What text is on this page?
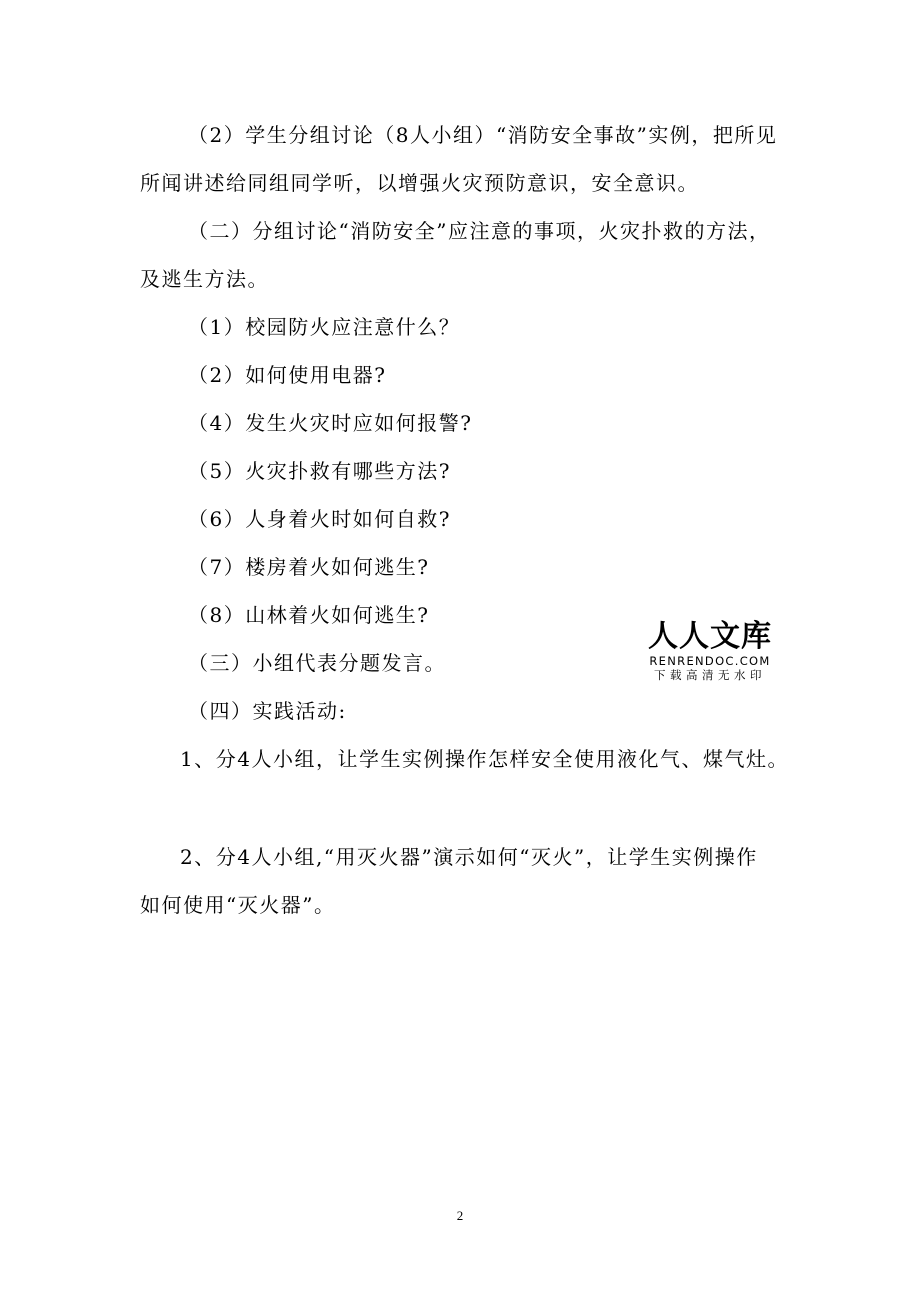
（2）学生分组讨论（8人小组）“消防安全事故”实例，把所见
所闻讲述给同组同学听，以增强火灾预防意识，安全意识。
（二）分组讨论“消防安全”应注意的事项，火灾扑救的方法，
及逃生方法。
（1）校园防火应注意什么？
（2）如何使用电器?
（4）发生火灾时应如何报警?
（5）火灾扑救有哪些方法?
（6）人身着火时如何自救?
（7）楼房着火如何逃生?
（8）山林着火如何逃生?
（三）小组代表分题发言。
（四）实践活动:
1、分4人小组，让学生实例操作怎样安全使用液化气、煤气灶。
2、分4人小组,“用灭火器”演示如何“灭火”，让学生实例操作
如何使用“灭火器”。
人人文库
RENRENDOC.COM
下载高清无水印
2
